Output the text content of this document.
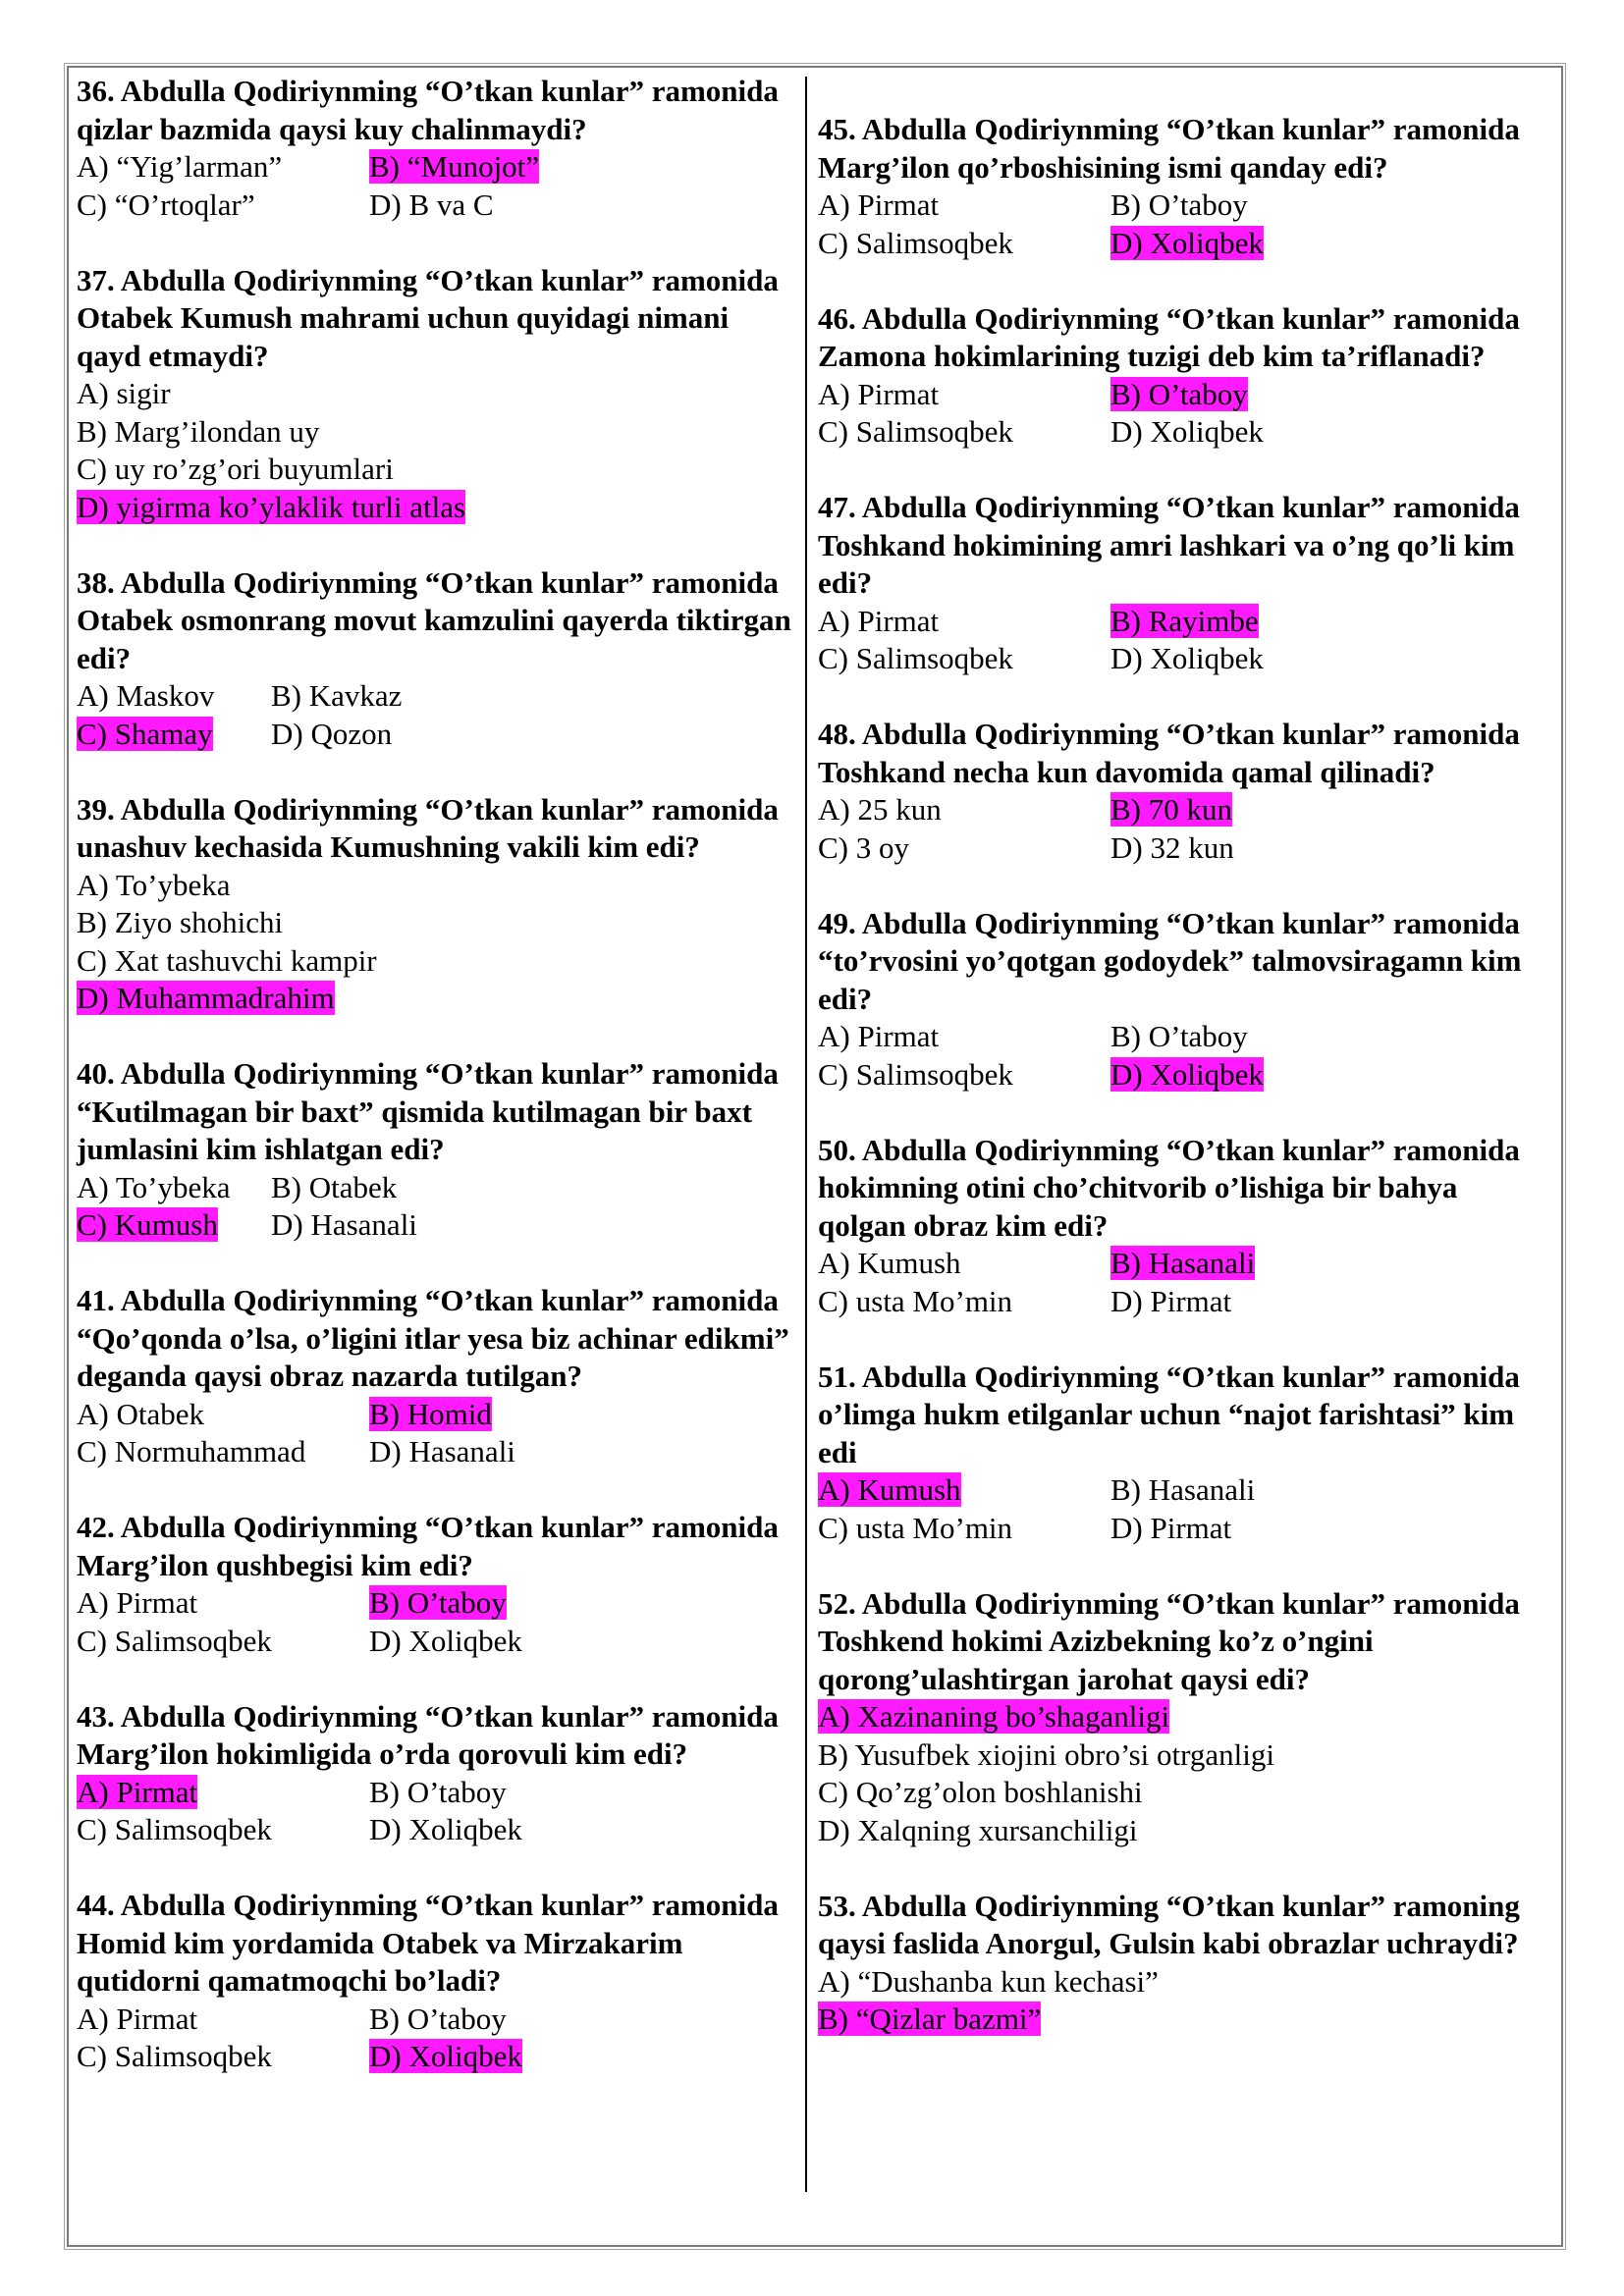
36. Abdulla Qodiriynming “O’tkan kunlar” ramonida qizlar bazmida qaysi kuy chalinmaydi?
A) “Yig’larman”	B) “Munojot”
C) “O’rtoqlar”	D) B va C
37. Abdulla Qodiriynming “O’tkan kunlar” ramonida Otabek Kumush mahrami uchun quyidagi nimani qayd etmaydi?
A) sigir
B) Marg’ilondan uy
C) uy ro’zg’ori buyumlari
D) yigirma ko’ylaklik turli atlas
38. Abdulla Qodiriynming “O’tkan kunlar” ramonida Otabek osmonrang movut kamzulini qayerda tiktirgan edi?
A) Maskov	B) Kavkaz
C) Shamay	D) Qozon
39. Abdulla Qodiriynming “O’tkan kunlar” ramonida unashuv kechasida Kumushning vakili kim edi?
A) To’ybeka
B) Ziyo shohichi
C) Xat tashuvchi kampir
D) Muhammadrahim
40. Abdulla Qodiriynming “O’tkan kunlar” ramonida “Kutilmagan bir baxt” qismida kutilmagan bir baxt jumlasini kim ishlatgan edi?
A) To’ybeka	B) Otabek
C) Kumush	D) Hasanali
41. Abdulla Qodiriynming “O’tkan kunlar” ramonida “Qo’qonda o’lsa, o’ligini itlar yesa biz achinar edikmi” deganda qaysi obraz nazarda tutilgan?
A) Otabek	B) Homid
C) Normuhammad	D) Hasanali
42. Abdulla Qodiriynming “O’tkan kunlar” ramonida Marg’ilon qushbegisi kim edi?
A) Pirmat	B) O’taboy
C) Salimsoqbek	D) Xoliqbek
43. Abdulla Qodiriynming “O’tkan kunlar” ramonida Marg’ilon hokimligida o’rda qorovuli kim edi?
A) Pirmat	B) O’taboy
C) Salimsoqbek	D) Xoliqbek
44. Abdulla Qodiriynming “O’tkan kunlar” ramonida Homid kim yordamida Otabek va Mirzakarim qutidorni qamatmoqchi bo’ladi?
A) Pirmat	B) O’taboy
C) Salimsoqbek	D) Xoliqbek
45. Abdulla Qodiriynming “O’tkan kunlar” ramonida Marg’ilon qo’rboshisining ismi qanday edi?
A) Pirmat	B) O’taboy
C) Salimsoqbek	D) Xoliqbek
46. Abdulla Qodiriynming “O’tkan kunlar” ramonida Zamona hokimlarining tuzigi deb kim ta’riflanadi?
A) Pirmat	B) O’taboy
C) Salimsoqbek	D) Xoliqbek
47. Abdulla Qodiriynming “O’tkan kunlar” ramonida Toshkand hokimining amri lashkari va o’ng qo’li kim edi?
A) Pirmat	B) Rayimbe
C) Salimsoqbek	D) Xoliqbek
48. Abdulla Qodiriynming “O’tkan kunlar” ramonida Toshkand necha kun davomida qamal qilinadi?
A) 25 kun	B) 70 kun
C) 3 oy	D) 32 kun
49. Abdulla Qodiriynming “O’tkan kunlar” ramonida “to’rvosini yo’qotgan godoydek” talmovsiragamn kim edi?
A) Pirmat	B) O’taboy
C) Salimsoqbek	D) Xoliqbek
50. Abdulla Qodiriynming “O’tkan kunlar” ramonida hokimning otini cho’chitvorib o’lishiga bir bahya qolgan obraz kim edi?
A) Kumush	B) Hasanali
C) usta Mo’min	D) Pirmat
51. Abdulla Qodiriynming “O’tkan kunlar” ramonida o’limga hukm etilganlar uchun “najot farishtasi” kim edi
A) Kumush	B) Hasanali
C) usta Mo’min	D) Pirmat
52. Abdulla Qodiriynming “O’tkan kunlar” ramonida Toshkend hokimi Azizbekning ko’z o’ngini qorong’ulashtirgan jarohat qaysi edi?
A) Xazinaning bo’shaganligi
B) Yusufbek xiojini obro’si otrganligi
C) Qo’zg’olon boshlanishi
D) Xalqning xursanchiligi
53. Abdulla Qodiriynming “O’tkan kunlar” ramoning qaysi faslida Anorgul, Gulsin kabi obrazlar uchraydi?
A) “Dushanba kun kechasi”
B) “Qizlar bazmi”
